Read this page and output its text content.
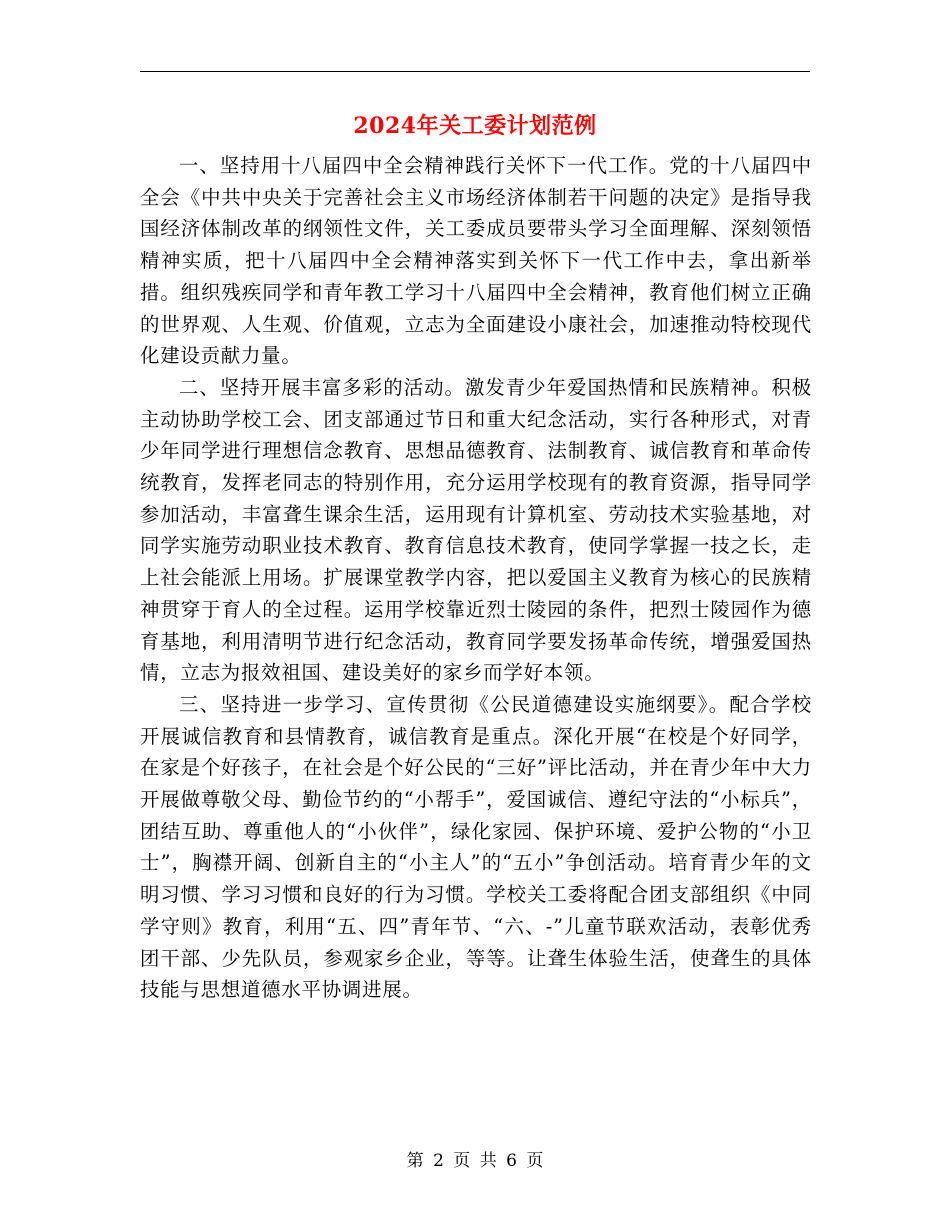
2024年关工委计划范例

一、坚持用十八届四中全会精神践行关怀下一代工作。党的十八届四中全会《中共中央关于完善社会主义市场经济体制若干问题的决定》是指导我国经济体制改革的纲领性文件，关工委成员要带头学习全面理解、深刻领悟精神实质，把十八届四中全会精神落实到关怀下一代工作中去，拿出新举措。组织残疾同学和青年教工学习十八届四中全会精神，教育他们树立正确的世界观、人生观、价值观，立志为全面建设小康社会，加速推动特校现代化建设贡献力量。

二、坚持开展丰富多彩的活动。激发青少年爱国热情和民族精神。积极主动协助学校工会、团支部通过节日和重大纪念活动，实行各种形式，对青少年同学进行理想信念教育、思想品德教育、法制教育、诚信教育和革命传统教育，发挥老同志的特别作用，充分运用学校现有的教育资源，指导同学参加活动，丰富聋生课余生活，运用现有计算机室、劳动技术实验基地，对同学实施劳动职业技术教育、教育信息技术教育，使同学掌握一技之长，走上社会能派上用场。扩展课堂教学内容，把以爱国主义教育为核心的民族精神贯穿于育人的全过程。运用学校靠近烈士陵园的条件，把烈士陵园作为德育基地，利用清明节进行纪念活动，教育同学要发扬革命传统，增强爱国热情，立志为报效祖国、建设美好的家乡而学好本领。

三、坚持进一步学习、宣传贯彻《公民道德建设实施纲要》。配合学校开展诚信教育和县情教育，诚信教育是重点。深化开展“在校是个好同学，在家是个好孩子，在社会是个好公民的“三好”评比活动，并在青少年中大力开展做尊敬父母、勤俭节约的“小帮手”，爱国诚信、遵纪守法的“小标兵”，团结互助、尊重他人的“小伙伴”，绿化家园、保护环境、爱护公物的“小卫士”，胸襟开阔、创新自主的“小主人”的“五小”争创活动。培育青少年的文明习惯、学习习惯和良好的行为习惯。学校关工委将配合团支部组织《中同学守则》教育，利用“五、四”青年节、“六、-”儿童节联欢活动，表彰优秀团干部、少先队员，参观家乡企业，等等。让聋生体验生活，使聋生的具体技能与思想道德水平协调进展。

第 2 页 共 6 页
